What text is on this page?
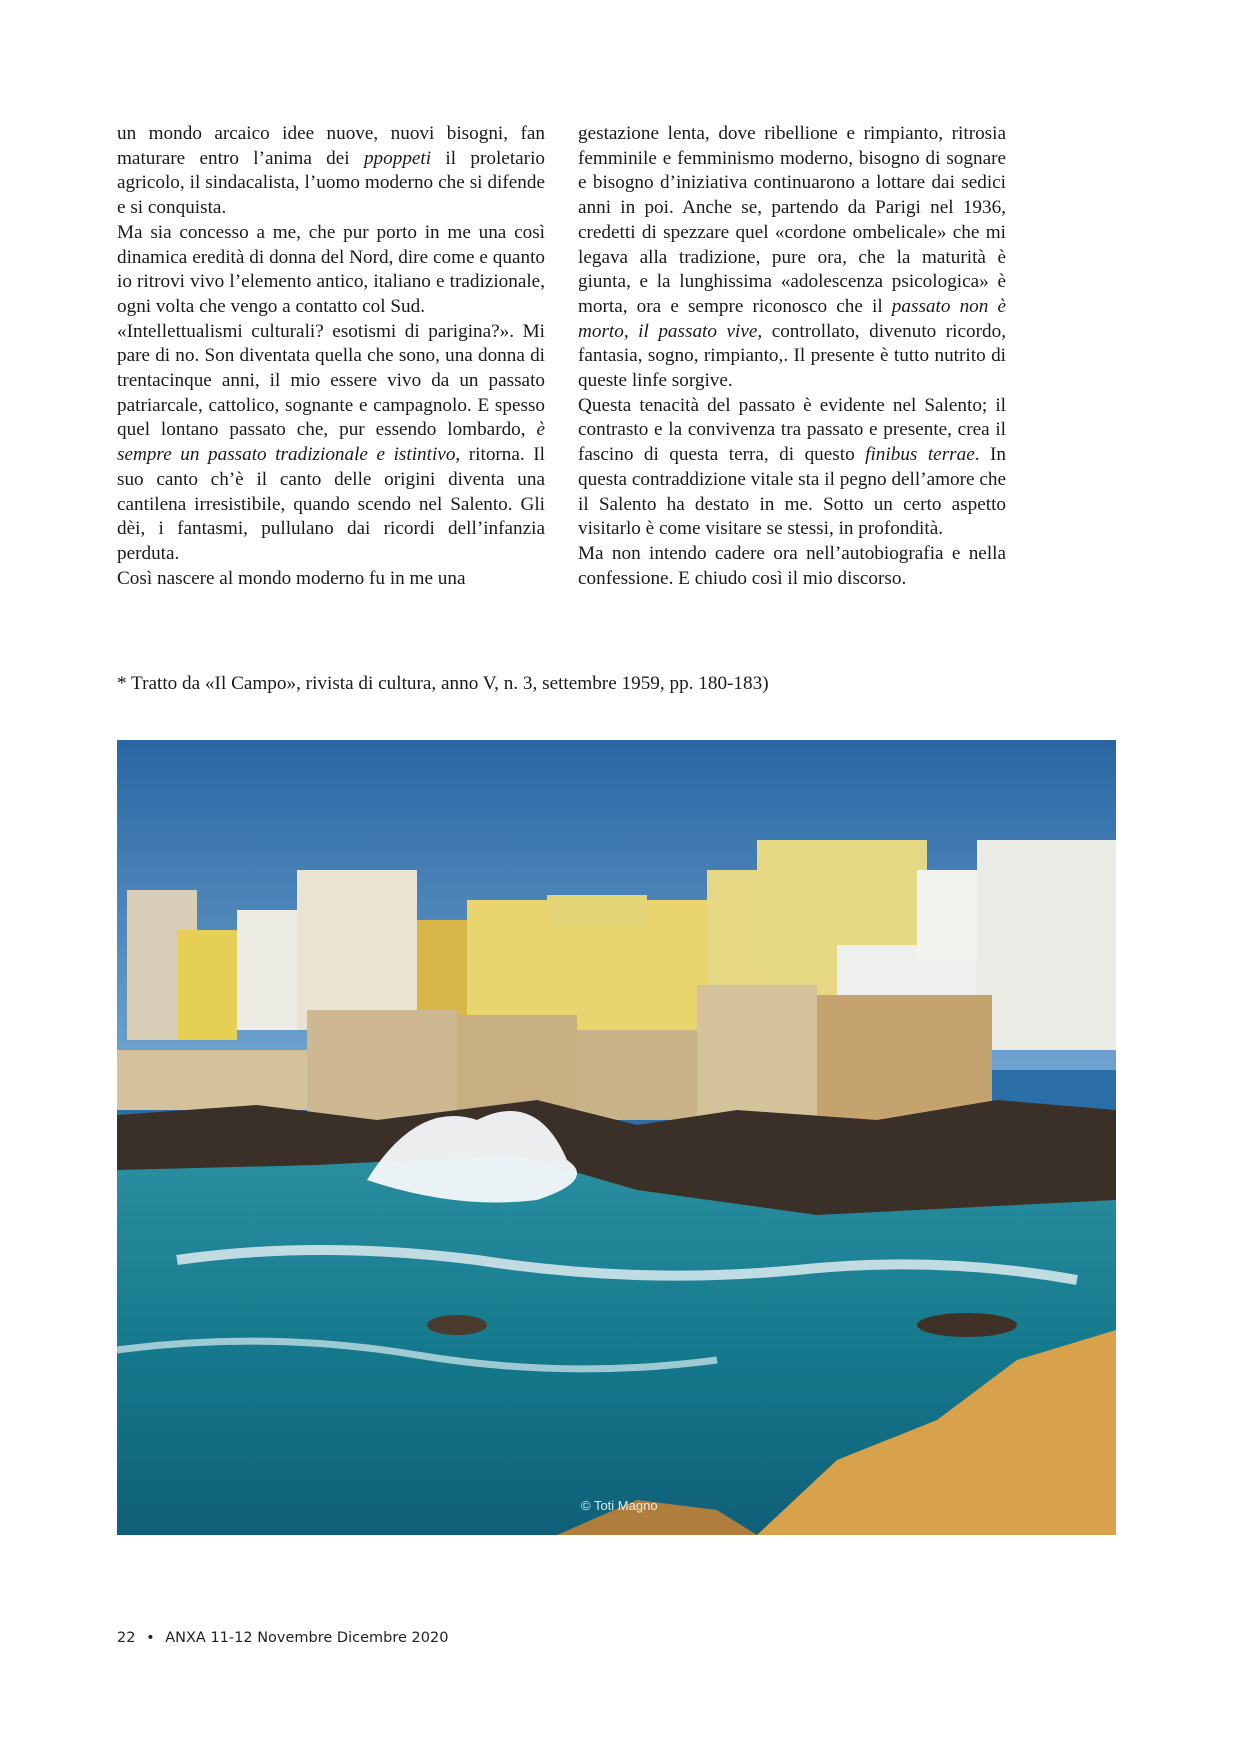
un mondo arcaico idee nuove, nuovi bisogni, fan maturare entro l’anima dei ppoppeti il proletario agricolo, il sindacalista, l’uomo moderno che si difende e si conquista.

Ma sia concesso a me, che pur porto in me una così dinamica eredità di donna del Nord, dire come e quanto io ritrovi vivo l’elemento antico, italiano e tradizionale, ogni volta che vengo a contatto col Sud.

«Intellettualismi culturali? esotismi di parigina?». Mi pare di no. Son diventata quella che sono, una donna di trentacinque anni, il mio essere vivo da un passato patriarcale, cattolico, sognante e campagnolo. E spesso quel lontano passato che, pur essendo lombardo, è sempre un passato tradizionale e istintivo, ritorna. Il suo canto ch’è il canto delle origini diventa una cantilena irresistibile, quando scendo nel Salento. Gli dèi, i fantasmi, pullulano dai ricordi dell’infanzia perduta.

Così nascere al mondo moderno fu in me una

gestazione lenta, dove ribellione e rimpianto, ritrosia femminile e femminismo moderno, bisogno di sognare e bisogno d’iniziativa continuarono a lottare dai sedici anni in poi. Anche se, partendo da Parigi nel 1936, credetti di spezzare quel «cordone ombelicale» che mi legava alla tradizione, pure ora, che la maturità è giunta, e la lunghissima «adolescenza psicologica» è morta, ora e sempre riconosco che il passato non è morto, il passato vive, controllato, divenuto ricordo, fantasia, sogno, rimpianto,. Il presente è tutto nutrito di queste linfe sorgive.

Questa tenacità del passato è evidente nel Salento; il contrasto e la convivenza tra passato e presente, crea il fascino di questa terra, di questo finibus terrae. In questa contraddizione vitale sta il pegno dell’amore che il Salento ha destato in me. Sotto un certo aspetto visitarlo è come visitare se stessi, in profondità.

Ma non intendo cadere ora nell’autobiografia e nella confessione. E chiudo così il mio discorso.

* Tratto da «Il Campo», rivista di cultura, anno V, n. 3, settembre 1959, pp. 180-183)

© Toti Magno
22 • ANXA 11-12 Novembre Dicembre 2020
